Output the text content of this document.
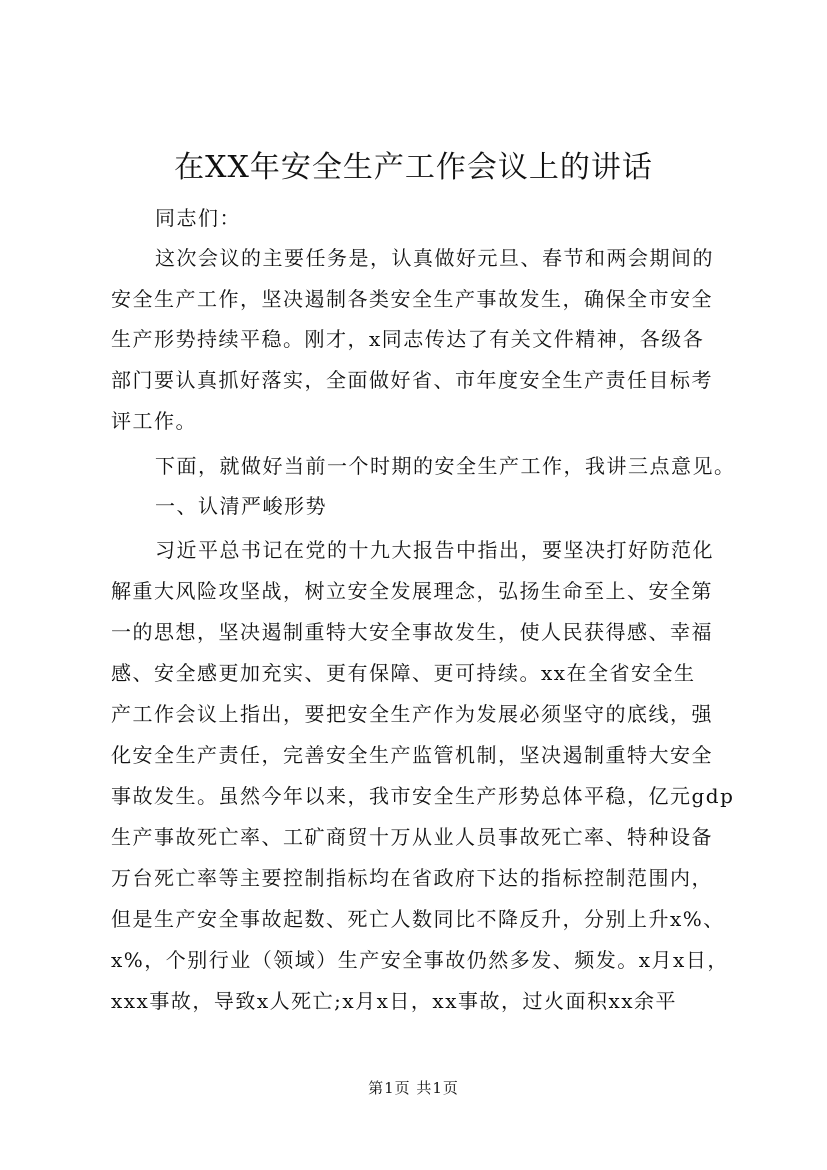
在XX年安全生产工作会议上的讲话

同志们：

这次会议的主要任务是，认真做好元旦、春节和两会期间的

安全生产工作，坚决遏制各类安全生产事故发生，确保全市安全

生产形势持续平稳。刚才，x同志传达了有关文件精神，各级各

部门要认真抓好落实，全面做好省、市年度安全生产责任目标考

评工作。

下面，就做好当前一个时期的安全生产工作，我讲三点意见。

一、认清严峻形势

习近平总书记在党的十九大报告中指出，要坚决打好防范化

解重大风险攻坚战，树立安全发展理念，弘扬生命至上、安全第

一的思想，坚决遏制重特大安全事故发生，使人民获得感、幸福

感、安全感更加充实、更有保障、更可持续。xx在全省安全生

产工作会议上指出，要把安全生产作为发展必须坚守的底线，强

化安全生产责任，完善安全生产监管机制，坚决遏制重特大安全

事故发生。虽然今年以来，我市安全生产形势总体平稳，亿元gdp

生产事故死亡率、工矿商贸十万从业人员事故死亡率、特种设备

万台死亡率等主要控制指标均在省政府下达的指标控制范围内，

但是生产安全事故起数、死亡人数同比不降反升，分别上升x%、

x%，个别行业（领域）生产安全事故仍然多发、频发。x月x日，

xxx事故，导致x人死亡;x月x日，xx事故，过火面积xx余平

第1页 共1页
